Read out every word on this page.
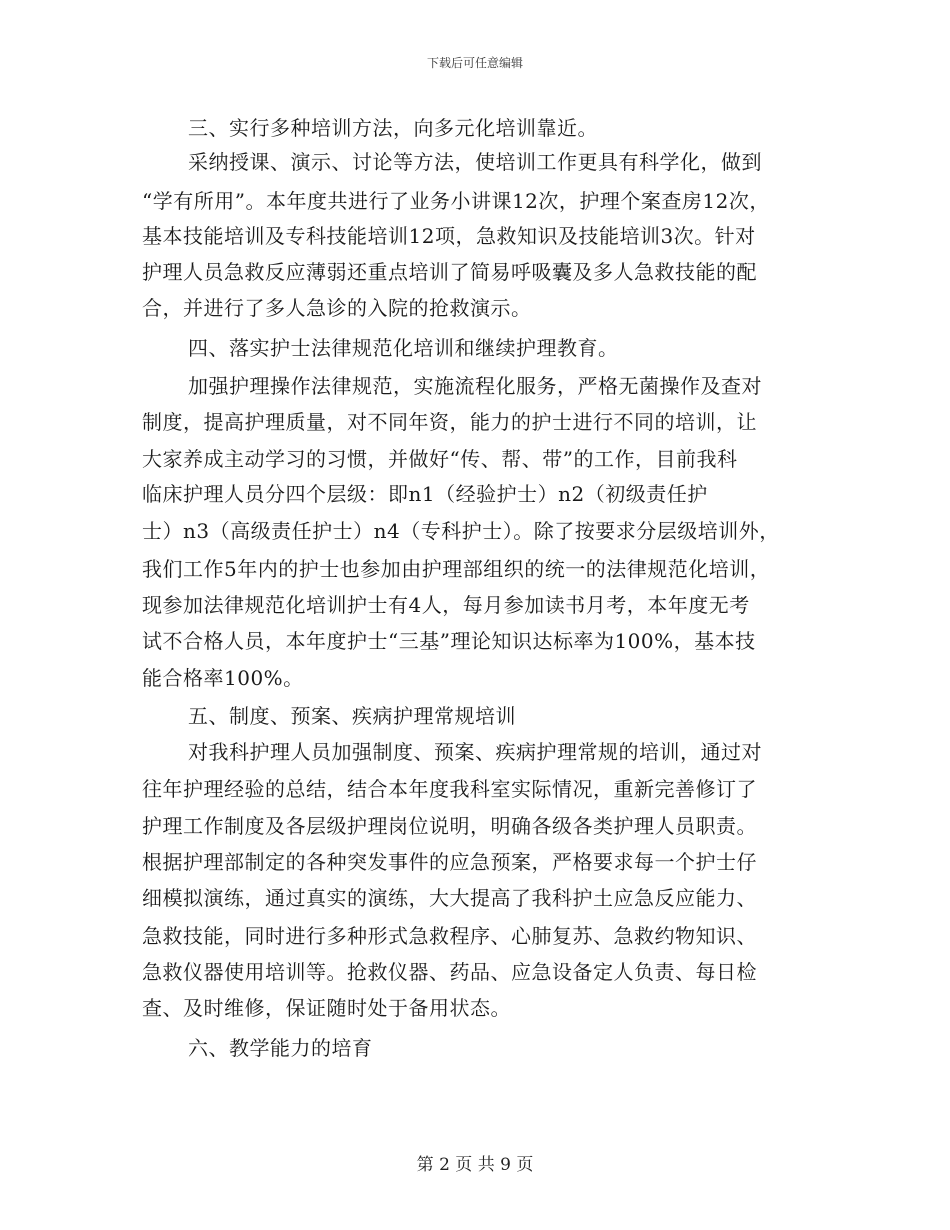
下载后可任意编辑
三、实行多种培训方法，向多元化培训靠近。
采纳授课、演示、讨论等方法，使培训工作更具有科学化，做到
“学有所用”。本年度共进行了业务小讲课12次，护理个案查房12次，
基本技能培训及专科技能培训12项，急救知识及技能培训3次。针对
护理人员急救反应薄弱还重点培训了简易呼吸囊及多人急救技能的配
合，并进行了多人急诊的入院的抢救演示。
四、落实护士法律规范化培训和继续护理教育。
加强护理操作法律规范，实施流程化服务，严格无菌操作及查对
制度，提高护理质量，对不同年资，能力的护士进行不同的培训，让
大家养成主动学习的习惯，并做好“传、帮、带”的工作，目前我科
临床护理人员分四个层级：即n1（经验护士）n2（初级责任护
士）n3（高级责任护士）n4（专科护士）。除了按要求分层级培训外，
我们工作5年内的护士也参加由护理部组织的统一的法律规范化培训，
现参加法律规范化培训护士有4人，每月参加读书月考，本年度无考
试不合格人员，本年度护士“三基”理论知识达标率为100%，基本技
能合格率100%。
五、制度、预案、疾病护理常规培训
对我科护理人员加强制度、预案、疾病护理常规的培训，通过对
往年护理经验的总结，结合本年度我科室实际情况，重新完善修订了
护理工作制度及各层级护理岗位说明，明确各级各类护理人员职责。
根据护理部制定的各种突发事件的应急预案，严格要求每一个护士仔
细模拟演练，通过真实的演练，大大提高了我科护土应急反应能力、
急救技能，同时进行多种形式急救程序、心肺复苏、急救约物知识、
急救仪器使用培训等。抢救仪器、药品、应急设备定人负责、每日检
查、及时维修，保证随时处于备用状态。
六、教学能力的培育
第 2 页 共 9 页
